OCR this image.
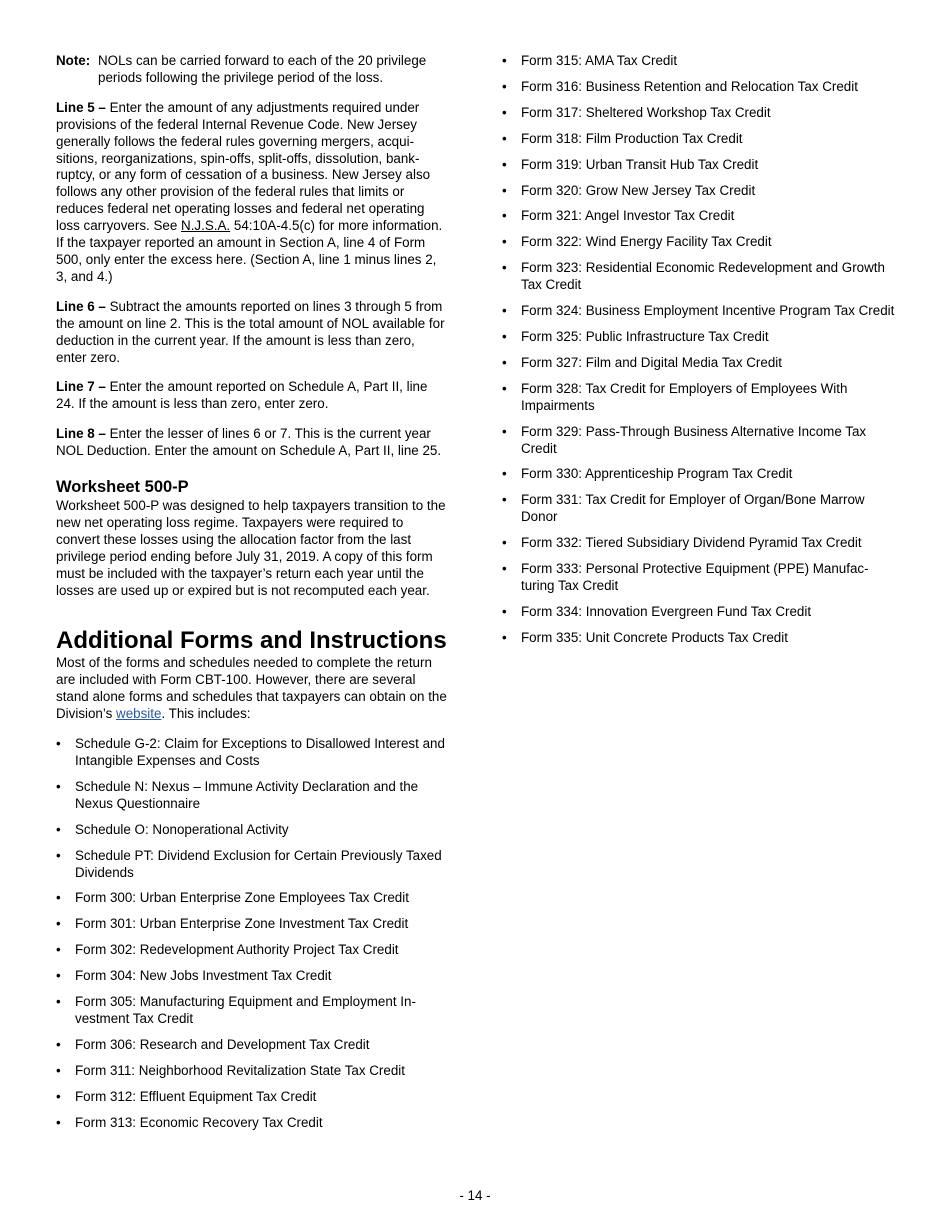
Note: NOLs can be carried forward to each of the 20 privilege periods following the privilege period of the loss.

Line 5 – Enter the amount of any adjustments required under provisions of the federal Internal Revenue Code. New Jersey generally follows the federal rules governing mergers, acquisitions, reorganizations, spin-offs, split-offs, dissolution, bankruptcy, or any form of cessation of a business. New Jersey also follows any other provision of the federal rules that limits or reduces federal net operating losses and federal net operating loss carryovers. See N.J.S.A. 54:10A-4.5(c) for more information. If the taxpayer reported an amount in Section A, line 4 of Form 500, only enter the excess here. (Section A, line 1 minus lines 2, 3, and 4.)

Line 6 – Subtract the amounts reported on lines 3 through 5 from the amount on line 2. This is the total amount of NOL available for deduction in the current year. If the amount is less than zero, enter zero.

Line 7 – Enter the amount reported on Schedule A, Part II, line 24. If the amount is less than zero, enter zero.

Line 8 – Enter the lesser of lines 6 or 7. This is the current year NOL Deduction. Enter the amount on Schedule A, Part II, line 25.

Worksheet 500-P

Worksheet 500-P was designed to help taxpayers transition to the new net operating loss regime. Taxpayers were required to convert these losses using the allocation factor from the last privilege period ending before July 31, 2019. A copy of this form must be included with the taxpayer’s return each year until the losses are used up or expired but is not recomputed each year.

Additional Forms and Instructions

Most of the forms and schedules needed to complete the return are included with Form CBT-100. However, there are several stand alone forms and schedules that taxpayers can obtain on the Division’s website. This includes:

• Schedule G-2: Claim for Exceptions to Disallowed Interest and Intangible Expenses and Costs
• Schedule N: Nexus – Immune Activity Declaration and the Nexus Questionnaire
• Schedule O: Nonoperational Activity
• Schedule PT: Dividend Exclusion for Certain Previously Taxed Dividends
• Form 300: Urban Enterprise Zone Employees Tax Credit
• Form 301: Urban Enterprise Zone Investment Tax Credit
• Form 302: Redevelopment Authority Project Tax Credit
• Form 304: New Jobs Investment Tax Credit
• Form 305: Manufacturing Equipment and Employment Investment Tax Credit
• Form 306: Research and Development Tax Credit
• Form 311: Neighborhood Revitalization State Tax Credit
• Form 312: Effluent Equipment Tax Credit
• Form 313: Economic Recovery Tax Credit
• Form 315: AMA Tax Credit
• Form 316: Business Retention and Relocation Tax Credit
• Form 317: Sheltered Workshop Tax Credit
• Form 318: Film Production Tax Credit
• Form 319: Urban Transit Hub Tax Credit
• Form 320: Grow New Jersey Tax Credit
• Form 321: Angel Investor Tax Credit
• Form 322: Wind Energy Facility Tax Credit
• Form 323: Residential Economic Redevelopment and Growth Tax Credit
• Form 324: Business Employment Incentive Program Tax Credit
• Form 325: Public Infrastructure Tax Credit
• Form 327: Film and Digital Media Tax Credit
• Form 328: Tax Credit for Employers of Employees With Impairments
• Form 329: Pass-Through Business Alternative Income Tax Credit
• Form 330: Apprenticeship Program Tax Credit
• Form 331: Tax Credit for Employer of Organ/Bone Marrow Donor
• Form 332: Tiered Subsidiary Dividend Pyramid Tax Credit
• Form 333: Personal Protective Equipment (PPE) Manufacturing Tax Credit
• Form 334: Innovation Evergreen Fund Tax Credit
• Form 335: Unit Concrete Products Tax Credit
- 14 -
